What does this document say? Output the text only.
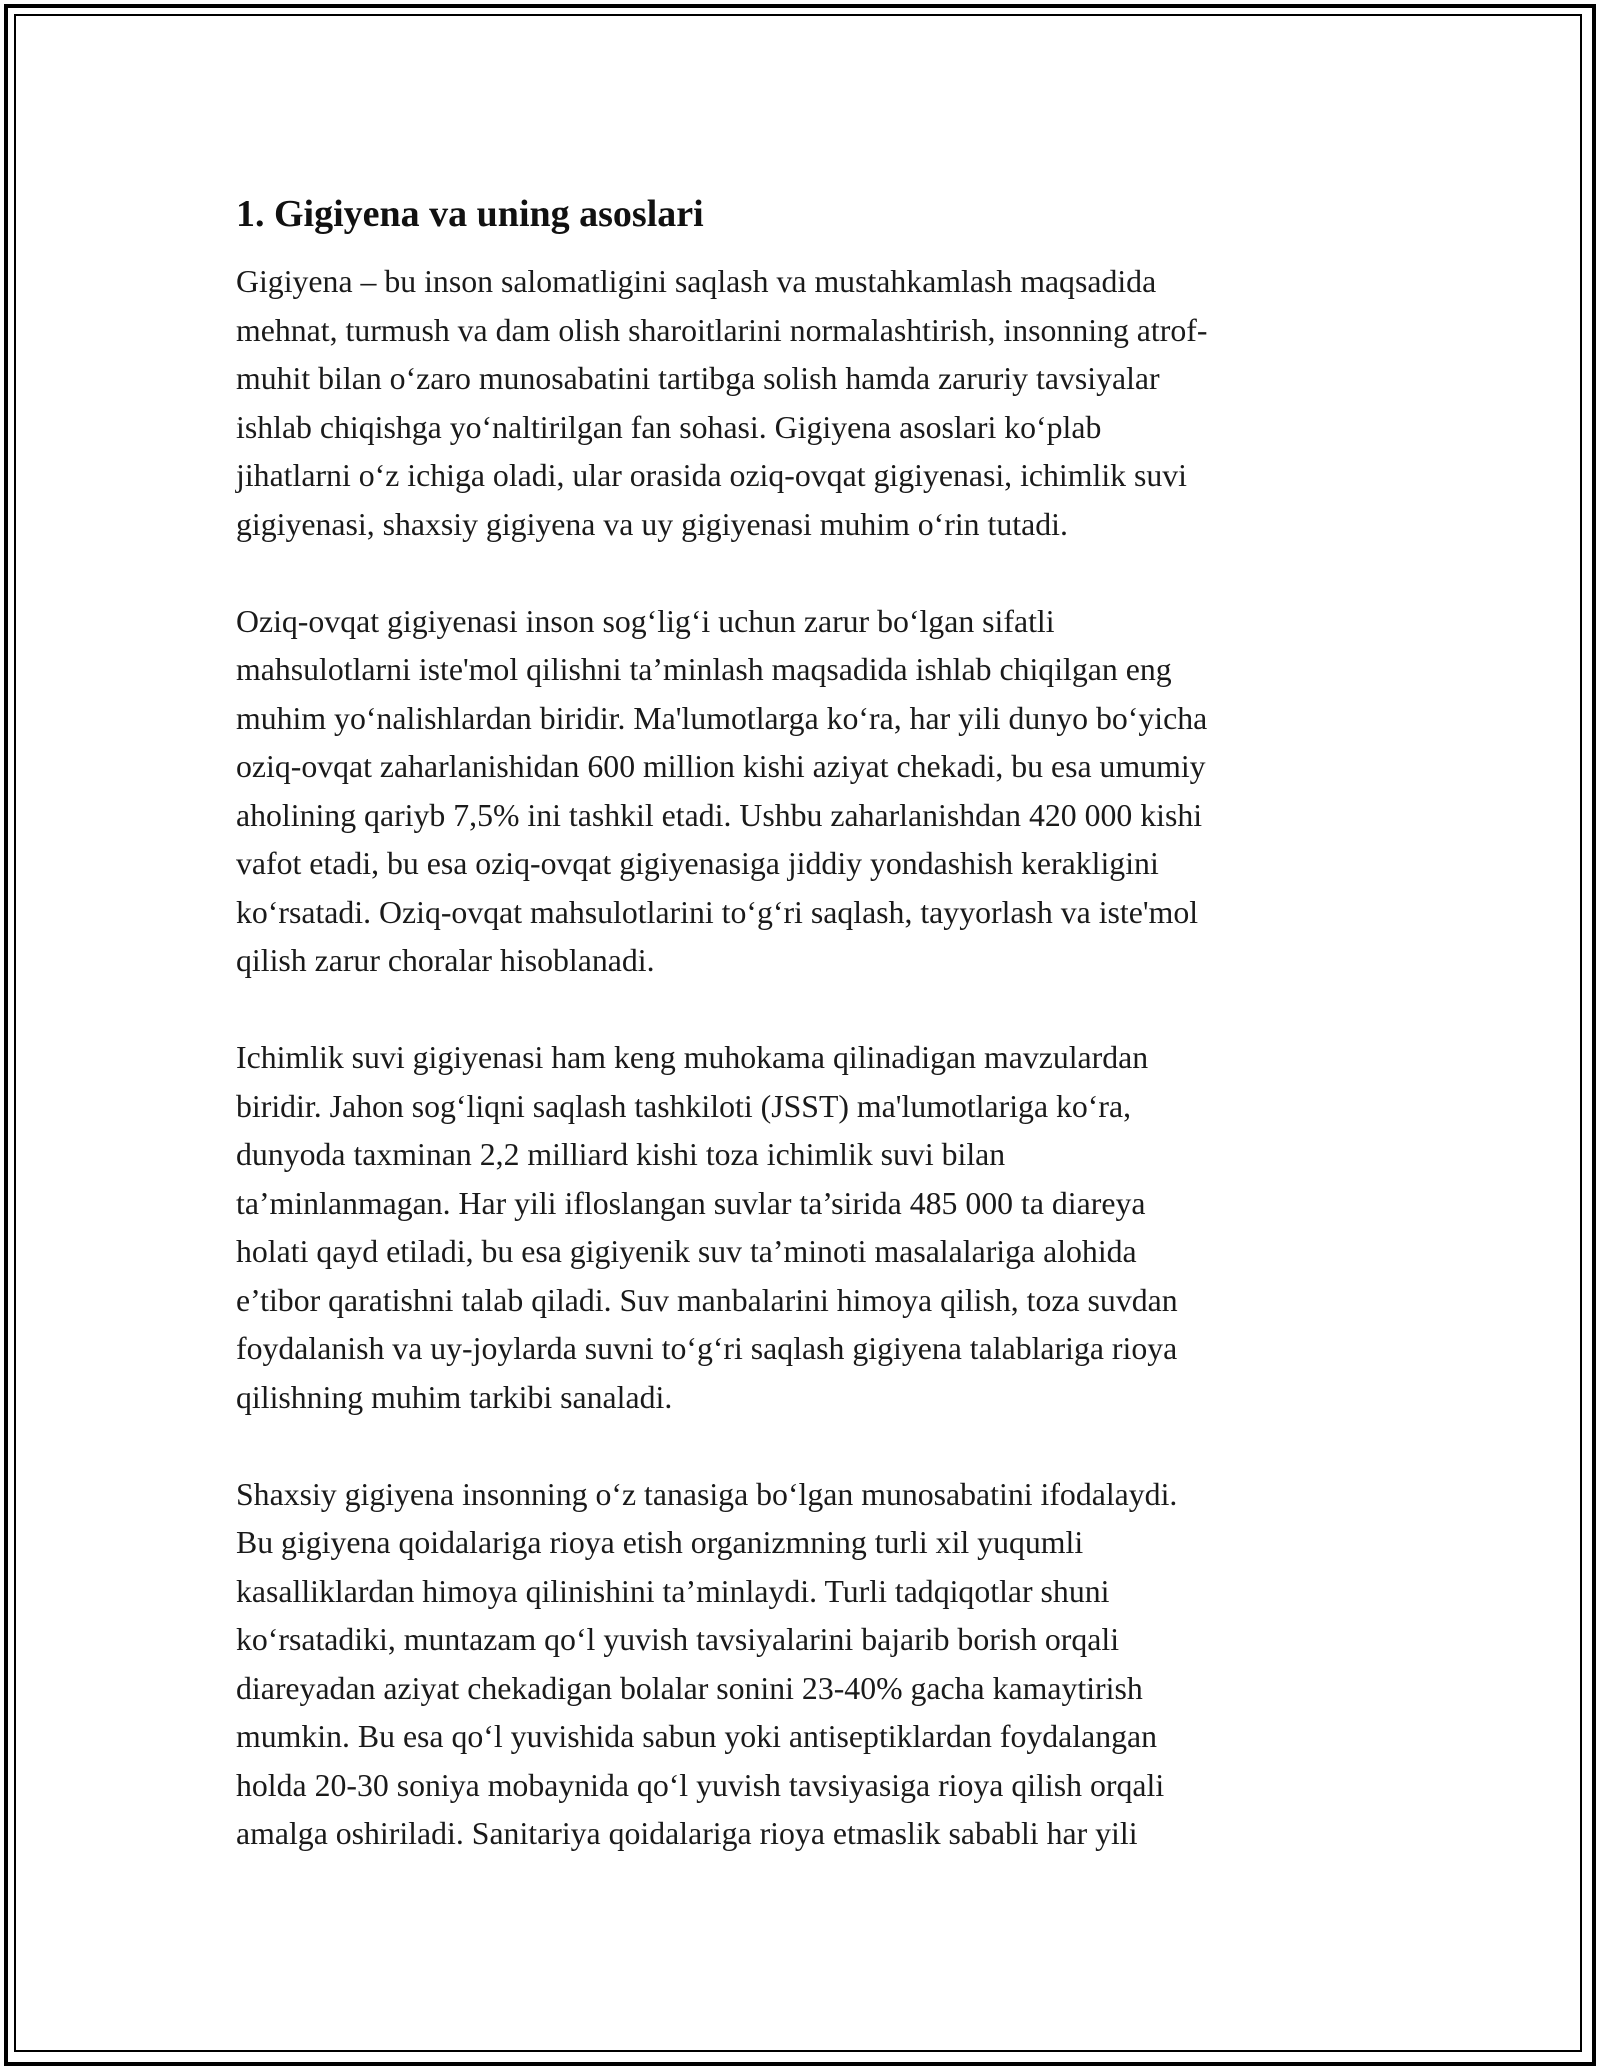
1. Gigiyena va uning asoslari

Gigiyena – bu inson salomatligini saqlash va mustahkamlash maqsadida
mehnat, turmush va dam olish sharoitlarini normalashtirish, insonning atrof-
muhit bilan o‘zaro munosabatini tartibga solish hamda zaruriy tavsiyalar
ishlab chiqishga yo‘naltirilgan fan sohasi. Gigiyena asoslari ko‘plab
jihatlarni o‘z ichiga oladi, ular orasida oziq-ovqat gigiyenasi, ichimlik suvi
gigiyenasi, shaxsiy gigiyena va uy gigiyenasi muhim o‘rin tutadi.

Oziq-ovqat gigiyenasi inson sog‘lig‘i uchun zarur bo‘lgan sifatli
mahsulotlarni iste'mol qilishni ta’minlash maqsadida ishlab chiqilgan eng
muhim yo‘nalishlardan biridir. Ma'lumotlarga ko‘ra, har yili dunyo bo‘yicha
oziq-ovqat zaharlanishidan 600 million kishi aziyat chekadi, bu esa umumiy
aholining qariyb 7,5% ini tashkil etadi. Ushbu zaharlanishdan 420 000 kishi
vafot etadi, bu esa oziq-ovqat gigiyenasiga jiddiy yondashish kerakligini
ko‘rsatadi. Oziq-ovqat mahsulotlarini to‘g‘ri saqlash, tayyorlash va iste'mol
qilish zarur choralar hisoblanadi.

Ichimlik suvi gigiyenasi ham keng muhokama qilinadigan mavzulardan
biridir. Jahon sog‘liqni saqlash tashkiloti (JSST) ma'lumotlariga ko‘ra,
dunyoda taxminan 2,2 milliard kishi toza ichimlik suvi bilan
ta’minlanmagan. Har yili ifloslangan suvlar ta’sirida 485 000 ta diareya
holati qayd etiladi, bu esa gigiyenik suv ta’minoti masalalariga alohida
e’tibor qaratishni talab qiladi. Suv manbalarini himoya qilish, toza suvdan
foydalanish va uy-joylarda suvni to‘g‘ri saqlash gigiyena talablariga rioya
qilishning muhim tarkibi sanaladi.

Shaxsiy gigiyena insonning o‘z tanasiga bo‘lgan munosabatini ifodalaydi.
Bu gigiyena qoidalariga rioya etish organizmning turli xil yuqumli
kasalliklardan himoya qilinishini ta’minlaydi. Turli tadqiqotlar shuni
ko‘rsatadiki, muntazam qo‘l yuvish tavsiyalarini bajarib borish orqali
diareyadan aziyat chekadigan bolalar sonini 23-40% gacha kamaytirish
mumkin. Bu esa qo‘l yuvishida sabun yoki antiseptiklardan foydalangan
holda 20-30 soniya mobaynida qo‘l yuvish tavsiyasiga rioya qilish orqali
amalga oshiriladi. Sanitariya qoidalariga rioya etmaslik sababli har yili
